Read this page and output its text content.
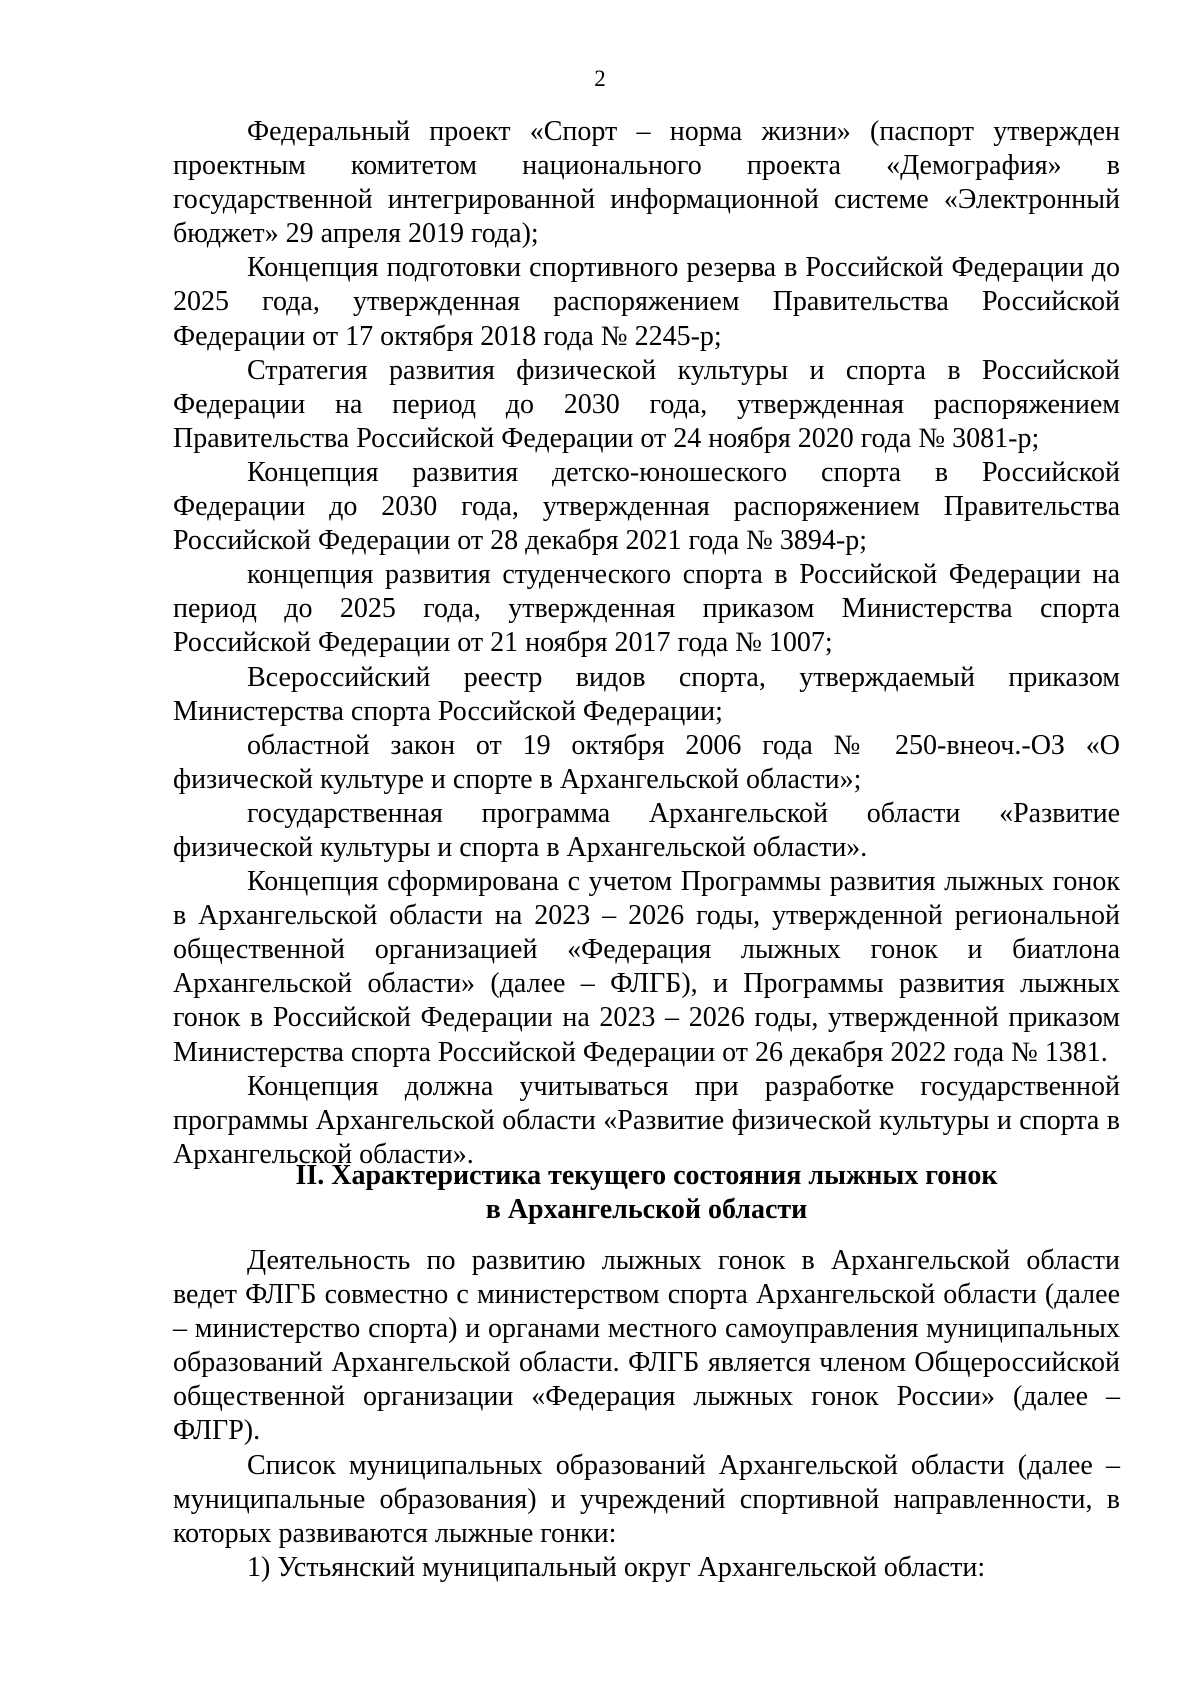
2

Федеральный проект «Спорт – норма жизни» (паспорт утвержден проектным комитетом национального проекта «Демография» в государственной интегрированной информационной системе «Электронный бюджет» 29 апреля 2019 года);

Концепция подготовки спортивного резерва в Российской Федерации до 2025 года, утвержденная распоряжением Правительства Российской Федерации от 17 октября 2018 года № 2245-р;

Стратегия развития физической культуры и спорта в Российской Федерации на период до 2030 года, утвержденная распоряжением Правительства Российской Федерации от 24 ноября 2020 года № 3081-р;

Концепция развития детско-юношеского спорта в Российской Федерации до 2030 года, утвержденная распоряжением Правительства Российской Федерации от 28 декабря 2021 года № 3894-р;

концепция развития студенческого спорта в Российской Федерации на период до 2025 года, утвержденная приказом Министерства спорта Российской Федерации от 21 ноября 2017 года № 1007;

Всероссийский реестр видов спорта, утверждаемый приказом Министерства спорта Российской Федерации;

областной закон от 19 октября 2006 года № 250-внеоч.-ОЗ «О физической культуре и спорте в Архангельской области»;

государственная программа Архангельской области «Развитие физической культуры и спорта в Архангельской области».

Концепция сформирована с учетом Программы развития лыжных гонок в Архангельской области на 2023 – 2026 годы, утвержденной региональной общественной организацией «Федерация лыжных гонок и биатлона Архангельской области» (далее – ФЛГБ), и Программы развития лыжных гонок в Российской Федерации на 2023 – 2026 годы, утвержденной приказом Министерства спорта Российской Федерации от 26 декабря 2022 года № 1381.

Концепция должна учитываться при разработке государственной программы Архангельской области «Развитие физической культуры и спорта в Архангельской области».

II. Характеристика текущего состояния лыжных гонок
в Архангельской области

Деятельность по развитию лыжных гонок в Архангельской области ведет ФЛГБ совместно с министерством спорта Архангельской области (далее – министерство спорта) и органами местного самоуправления муниципальных образований Архангельской области. ФЛГБ является членом Общероссийской общественной организации «Федерация лыжных гонок России» (далее – ФЛГР).

Список муниципальных образований Архангельской области (далее – муниципальные образования) и учреждений спортивной направленности, в которых развиваются лыжные гонки:

1) Устьянский муниципальный округ Архангельской области:
